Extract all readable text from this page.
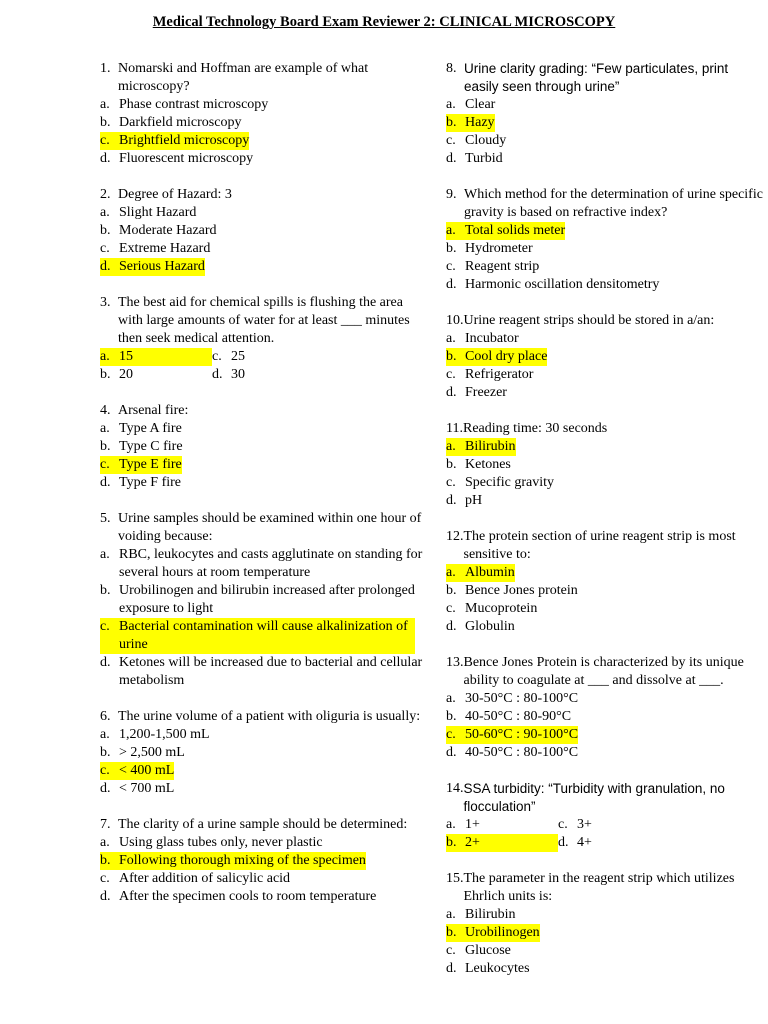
Medical Technology Board Exam Reviewer 2: CLINICAL MICROSCOPY
1. Nomarski and Hoffman are example of what microscopy?
a. Phase contrast microscopy
b. Darkfield microscopy
c. Brightfield microscopy
d. Fluorescent microscopy
2. Degree of Hazard: 3
a. Slight Hazard
b. Moderate Hazard
c. Extreme Hazard
d. Serious Hazard
3. The best aid for chemical spills is flushing the area with large amounts of water for at least ___ minutes then seek medical attention.
a. 15	c. 25
b. 20	d. 30
4. Arsenal fire:
a. Type A fire
b. Type C fire
c. Type E fire
d. Type F fire
5. Urine samples should be examined within one hour of voiding because:
a. RBC, leukocytes and casts agglutinate on standing for several hours at room temperature
b. Urobilinogen and bilirubin increased after prolonged exposure to light
c. Bacterial contamination will cause alkalinization of urine
d. Ketones will be increased due to bacterial and cellular metabolism
6. The urine volume of a patient with oliguria is usually:
a. 1,200-1,500 mL
b. > 2,500 mL
c. < 400 mL
d. < 700 mL
7. The clarity of a urine sample should be determined:
a. Using glass tubes only, never plastic
b. Following thorough mixing of the specimen
c. After addition of salicylic acid
d. After the specimen cools to room temperature
8. Urine clarity grading: “Few particulates, print easily seen through urine”
a. Clear
b. Hazy
c. Cloudy
d. Turbid
9. Which method for the determination of urine specific gravity is based on refractive index?
a. Total solids meter
b. Hydrometer
c. Reagent strip
d. Harmonic oscillation densitometry
10. Urine reagent strips should be stored in a/an:
a. Incubator
b. Cool dry place
c. Refrigerator
d. Freezer
11. Reading time: 30 seconds
a. Bilirubin
b. Ketones
c. Specific gravity
d. pH
12. The protein section of urine reagent strip is most sensitive to:
a. Albumin
b. Bence Jones protein
c. Mucoprotein
d. Globulin
13. Bence Jones Protein is characterized by its unique ability to coagulate at ___ and dissolve at ___.
a. 30-50°C : 80-100°C
b. 40-50°C : 80-90°C
c. 50-60°C : 90-100°C
d. 40-50°C : 80-100°C
14. SSA turbidity: “Turbidity with granulation, no flocculation”
a. 1+	c. 3+
b. 2+	d. 4+
15. The parameter in the reagent strip which utilizes Ehrlich units is:
a. Bilirubin
b. Urobilinogen
c. Glucose
d. Leukocytes
